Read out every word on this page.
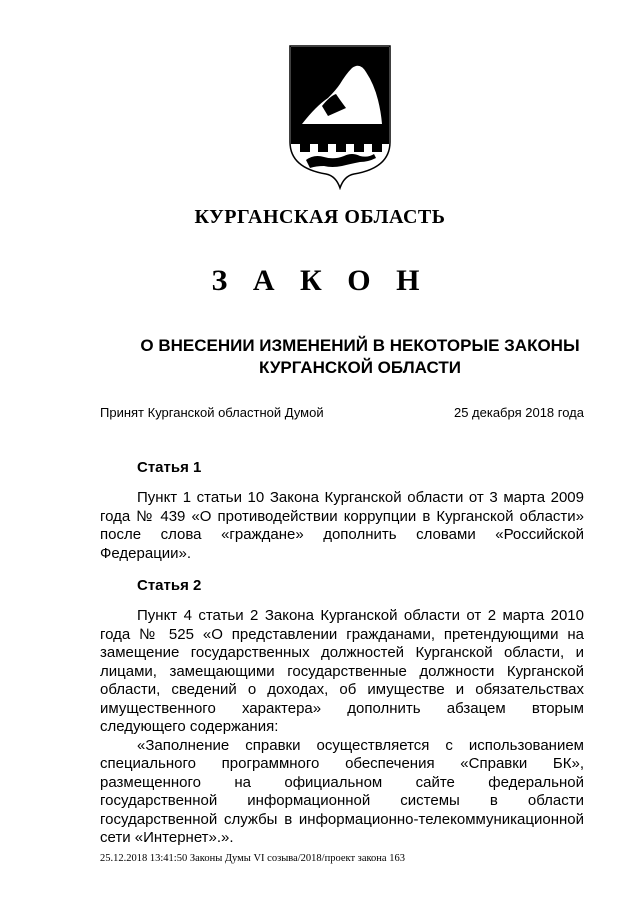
КУРГАНСКАЯ ОБЛАСТЬ
З А К О Н
О ВНЕСЕНИИ ИЗМЕНЕНИЙ В НЕКОТОРЫЕ ЗАКОНЫ
КУРГАНСКОЙ ОБЛАСТИ
Принят Курганской областной Думой	25 декабря 2018 года
Статья 1

Пункт 1 статьи 10 Закона Курганской области от 3 марта 2009 года № 439 «О противодействии коррупции в Курганской области» после слова «граждане» дополнить словами «Российской Федерации».

Статья 2

Пункт 4 статьи 2 Закона Курганской области от 2 марта 2010 года № 525 «О представлении гражданами, претендующими на замещение государственных должностей Курганской области, и лицами, замещающими государственные должности Курганской области, сведений о доходах, об имуществе и обязательствах имущественного характера» дополнить абзацем вторым следующего содержания:

«Заполнение справки осуществляется с использованием специального программного обеспечения «Справки БК», размещенного на официальном сайте федеральной государственной информационной системы в области государственной службы в информационно-телекоммуникационной сети «Интернет».».

25.12.2018 13:41:50 Законы Думы VI созыва/2018/проект закона 163
